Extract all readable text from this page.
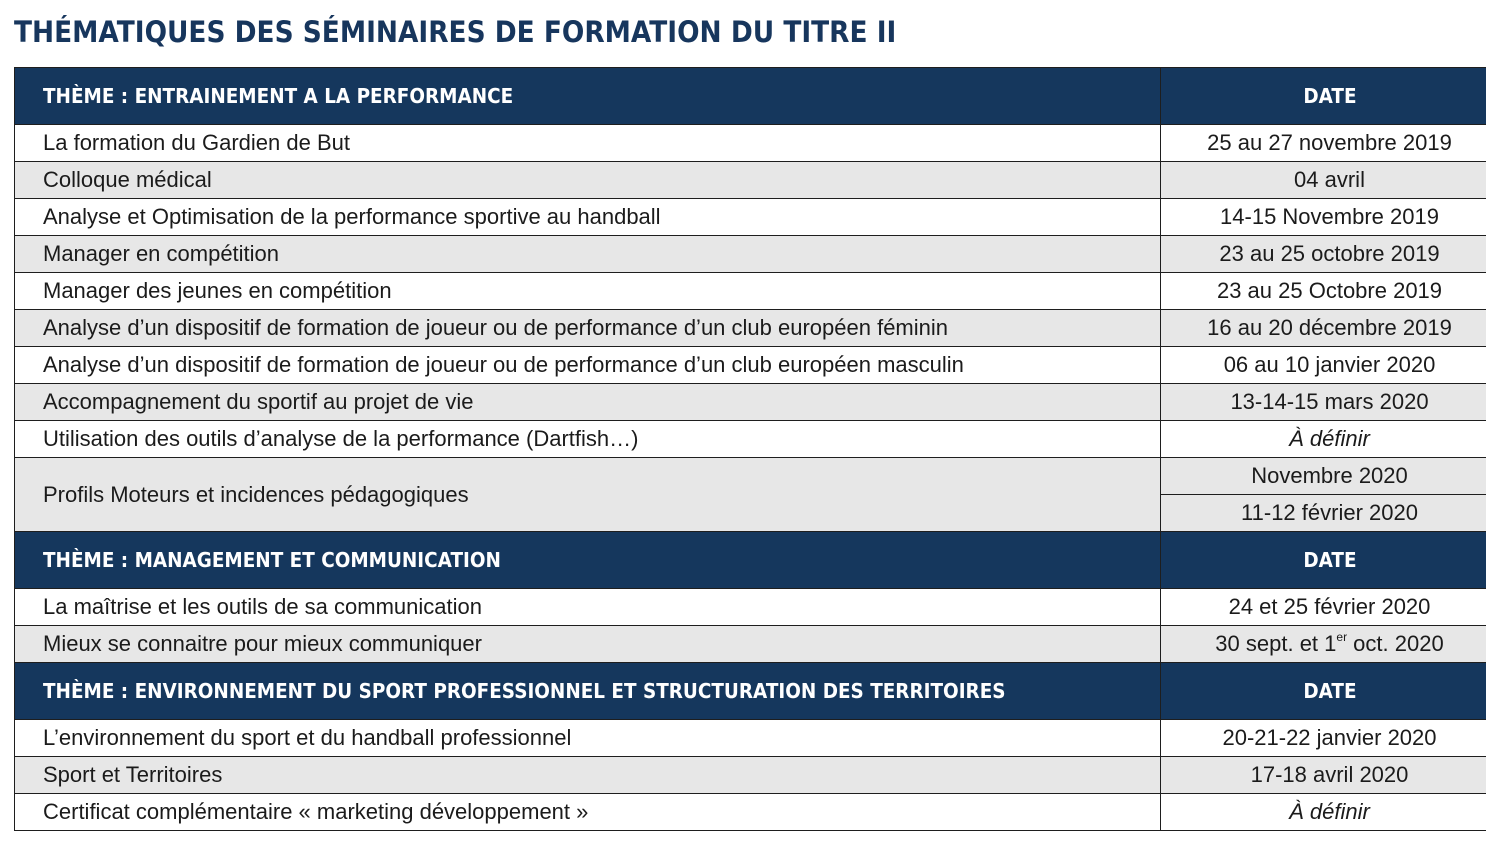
THÉMATIQUES DES SÉMINAIRES DE FORMATION DU TITRE II
THÈME : ENTRAINEMENT A LA PERFORMANCE	DATE
La formation du Gardien de But	25 au 27 novembre 2019
Colloque médical	04 avril
Analyse et Optimisation de la performance sportive au handball	14-15 Novembre 2019
Manager en compétition	23 au 25 octobre 2019
Manager des jeunes en compétition	23 au 25 Octobre 2019
Analyse d’un dispositif de formation de joueur ou de performance d’un club européen féminin	16 au 20 décembre 2019
Analyse d’un dispositif de formation de joueur ou de performance d’un club européen masculin	06 au 10 janvier 2020
Accompagnement du sportif au projet de vie	13-14-15 mars 2020
Utilisation des outils d’analyse de la performance (Dartfish…)	À définir
Profils Moteurs et incidences pédagogiques	Novembre 2020
	11-12 février 2020
THÈME : MANAGEMENT ET COMMUNICATION	DATE
La maîtrise et les outils de sa communication	24 et 25 février 2020
Mieux se connaitre pour mieux communiquer	30 sept. et 1er oct. 2020
THÈME : ENVIRONNEMENT DU SPORT PROFESSIONNEL ET STRUCTURATION DES TERRITOIRES	DATE
L’environnement du sport et du handball professionnel	20-21-22 janvier 2020
Sport et Territoires	17-18 avril 2020
Certificat complémentaire « marketing développement »	À définir
